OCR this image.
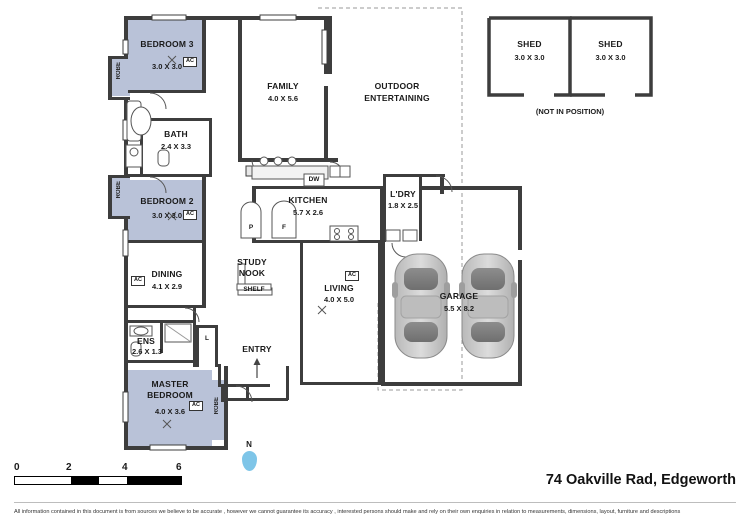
BEDROOM 3
3.0 X 3.0
AC
ROBE
BATH
2.4 X 3.3
BEDROOM 2
3.0 X 3.0 AC
ROBE
FAMILY
4.0 X 5.6
OUTDOOR
ENTERTAINING
KITCHEN
5.7 X 2.6
DW
P	F
SHELF
L
L'DRY
1.8 X 2.5
DINING
4.1 X 2.9
AC
STUDY
NOOK
LIVING
4.0 X 5.0
AC
GARAGE
5.5 X 8.2
ENS
2.6 X 1.3
MASTER
BEDROOM
4.0 X 3.6
AC	ROBE
ENTRY
SHED
3.0 X 3.0
SHED
3.0 X 3.0
(NOT IN POSITION)
N
0	2	4	6
74 Oakville Rad, Edgeworth
All information contained in this document is from sources we believe to be accurate , however we cannot guarantee its accuracy , interested persons should make and rely on their own enquiries in relation to measurements, dimensions, layout, furniture and descriptions
